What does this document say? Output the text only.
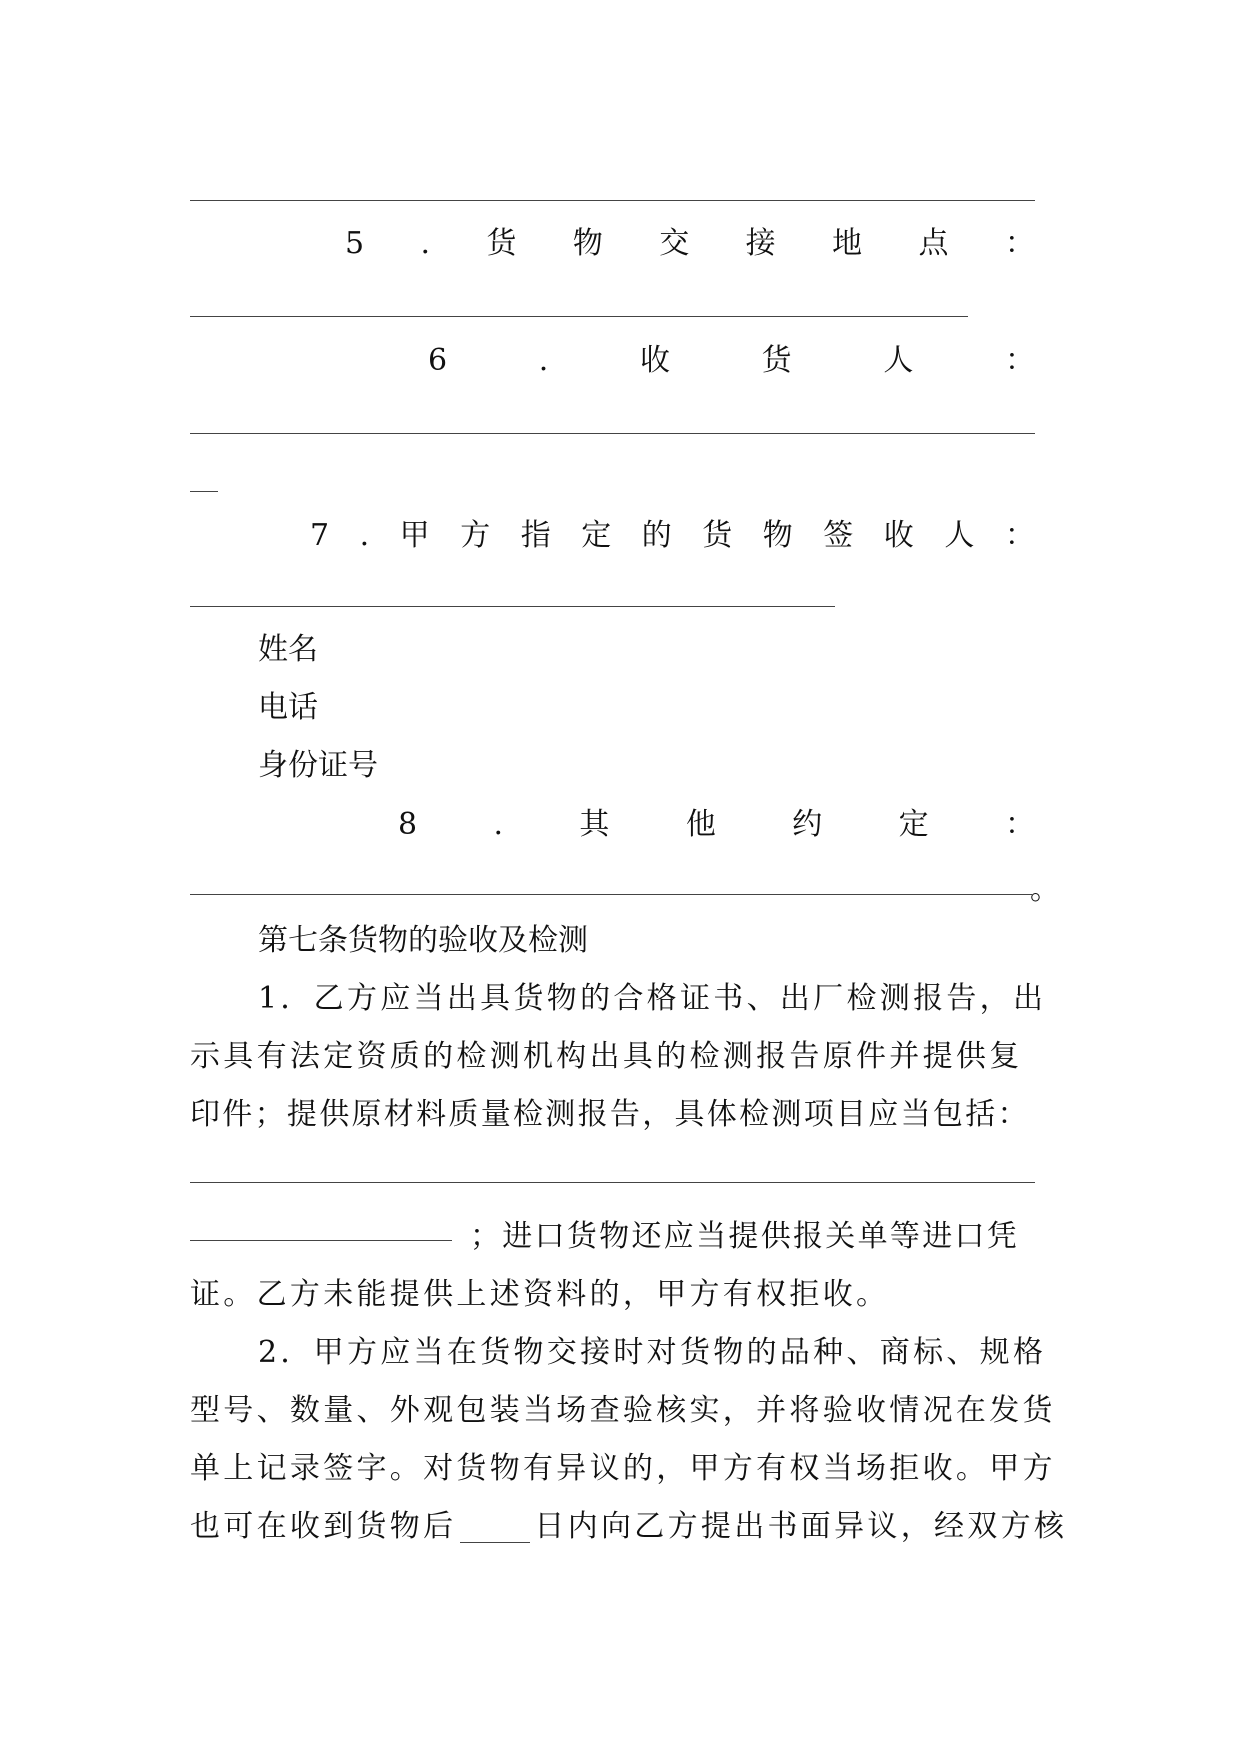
5 . 货 物 交 接 地 点 ：
6	.	收	货	人	：
7 . 甲 方 指 定 的 货 物 签 收 人 ：
姓名
电话
身份证号
8	.	其	他	约	定	：
。
第七条货物的验收及检测
1．乙方应当出具货物的合格证书、出厂检测报告，出
示具有法定资质的检测机构出具的检测报告原件并提供复
印件；提供原材料质量检测报告，具体检测项目应当包括：
；进口货物还应当提供报关单等进口凭
证。乙方未能提供上述资料的，甲方有权拒收。
2．甲方应当在货物交接时对货物的品种、商标、规格
型号、数量、外观包装当场查验核实，并将验收情况在发货
单上记录签字。对货物有异议的，甲方有权当场拒收。甲方
也可在收到货物后	日内向乙方提出书面异议，经双方核
